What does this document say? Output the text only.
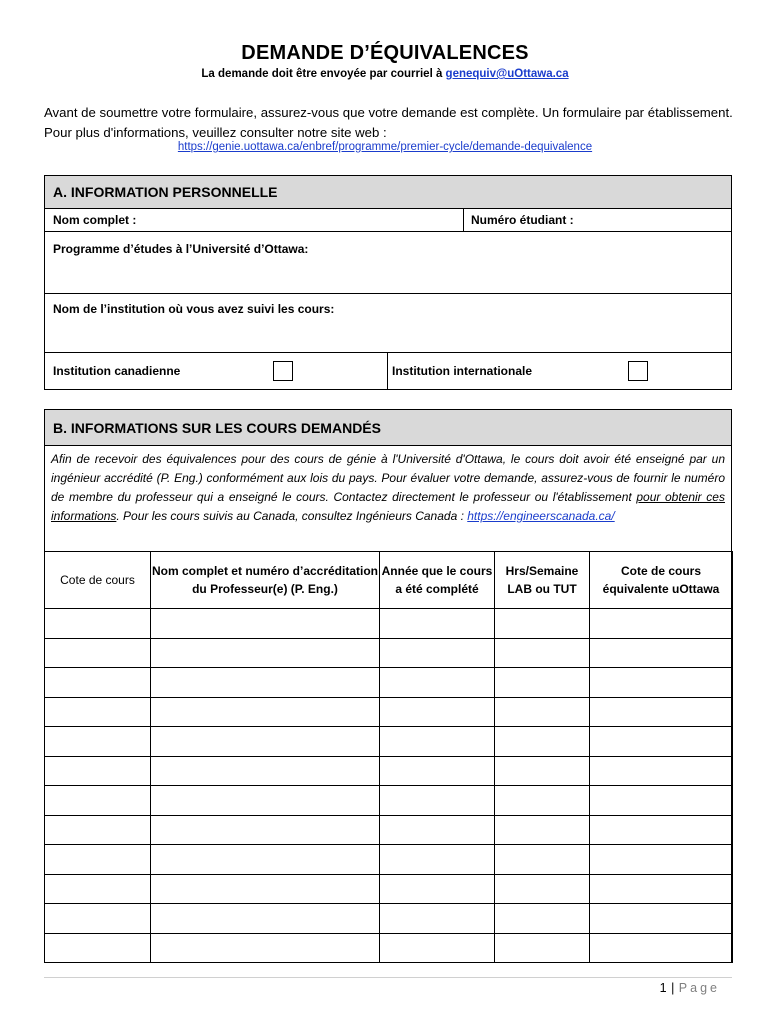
DEMANDE D’ÉQUIVALENCES
La demande doit être envoyée par courriel à genequiv@uOttawa.ca
Avant de soumettre votre formulaire, assurez-vous que votre demande est complète. Un formulaire par établissement. Pour plus d'informations, veuillez consulter notre site web :
https://genie.uottawa.ca/enbref/programme/premier-cycle/demande-dequivalence
A. INFORMATION PERSONNELLE
Nom complet :	Numéro étudiant :
Programme d’études à l’Université d’Ottawa:
Nom de l’institution où vous avez suivi les cours:
Institution canadienne	Institution internationale
B. INFORMATIONS SUR LES COURS DEMANDÉS
Afin de recevoir des équivalences pour des cours de génie à l'Université d'Ottawa, le cours doit avoir été enseigné par un ingénieur accrédité (P. Eng.) conformément aux lois du pays. Pour évaluer votre demande, assurez-vous de fournir le numéro de membre du professeur qui a enseigné le cours. Contactez directement le professeur ou l'établissement pour obtenir ces informations. Pour les cours suivis au Canada, consultez Ingénieurs Canada : https://engineerscanada.ca/
Cote de cours	Nom complet et numéro d’accréditation du Professeur(e) (P. Eng.)	Année que le cours a été complété	Hrs/Semaine LAB ou TUT	Cote de cours équivalente uOttawa

1 | Page
